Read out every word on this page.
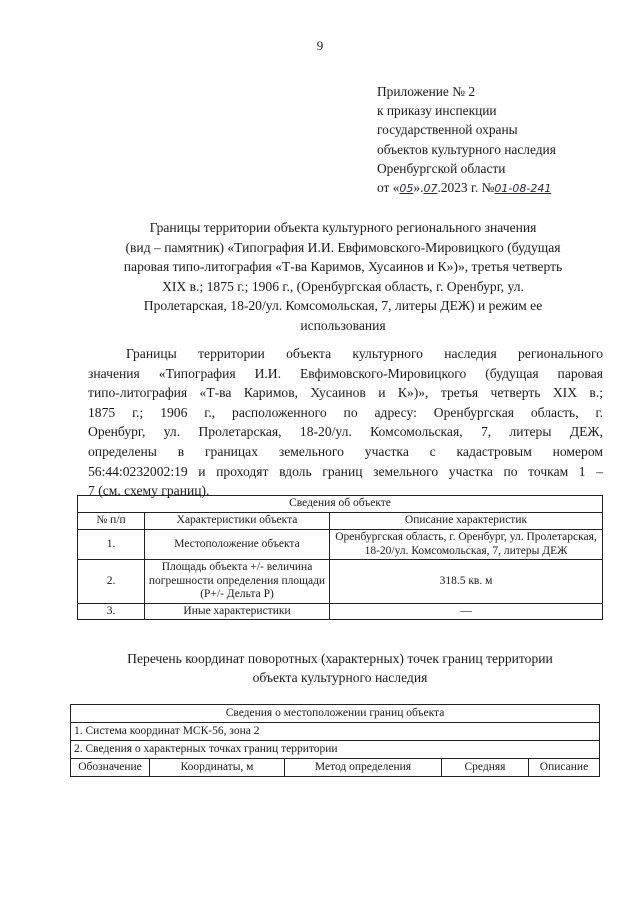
9
Приложение № 2
к приказу инспекции
государственной охраны
объектов культурного наследия
Оренбургской области
от «05».07.2023 г. №01-08-241
Границы территории объекта культурного регионального значения
(вид – памятник) «Типография И.И. Евфимовского-Мировицкого (будущая
паровая типо-литография «Т-ва Каримов, Хусаинов и К»)», третья четверть
XIX в.; 1875 г.; 1906 г., (Оренбургская область, г. Оренбург, ул.
Пролетарская, 18-20/ул. Комсомольская, 7, литеры ДЕЖ) и режим ее
использования
Границы территории объекта культурного наследия регионального
значения «Типография И.И. Евфимовского-Мировицкого (будущая паровая
типо-литография «Т-ва Каримов, Хусаинов и К»)», третья четверть XIX в.;
1875 г.; 1906 г., расположенного по адресу: Оренбургская область, г.
Оренбург, ул. Пролетарская, 18-20/ул. Комсомольская, 7, литеры ДЕЖ,
определены в границах земельного участка с кадастровым номером
56:44:0232002:19 и проходят вдоль границ земельного участка по точкам 1 –
7 (см. схему границ).
Сведения об объекте		
№ п/п	Характеристики объекта	Описание характеристик
1.	Местоположение объекта	Оренбургская область, г. Оренбург, ул. Пролетарская, 18-20/ул. Комсомольская, 7, литеры ДЕЖ
2.	Площадь объекта +/- величина погрешности определения площади (Р+/- Дельта Р)	318.5 кв. м
3.	Иные характеристики	—
Перечень координат поворотных (характерных) точек границ территории
объекта культурного наследия
Сведения о местоположении границ объекта
1. Система координат МСК-56, зона 2
2. Сведения о характерных точках границ территории
Обозначение	Координаты, м	Метод определения	Средняя	Описание
